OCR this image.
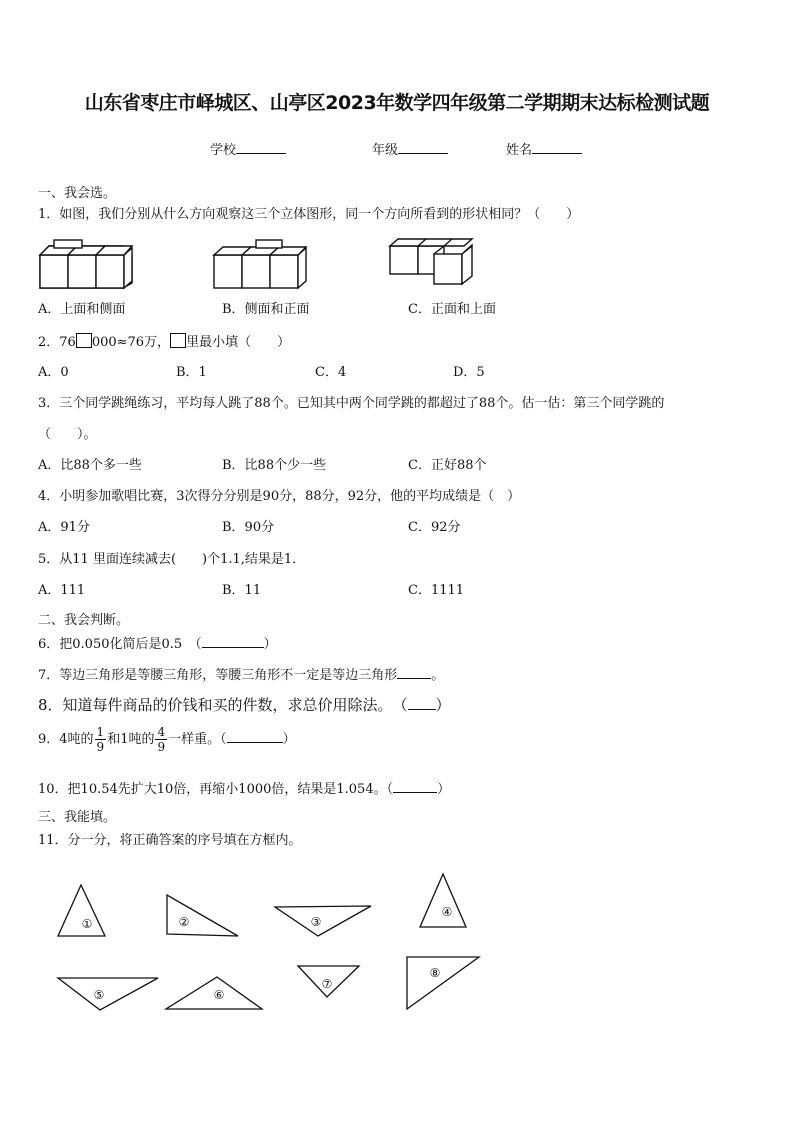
山东省枣庄市峄城区、山亭区2023年数学四年级第二学期期末达标检测试题
学校	年级	姓名
一、我会选。
1．如图，我们分别从什么方向观察这三个立体图形，同一个方向所看到的形状相同？（　　）
A．上面和侧面	B．侧面和正面	C．正面和上面
2．76 000≈76万， 里最小填（　　）
A．0	B．1	C．4	D．5
3．三个同学跳绳练习，平均每人跳了88个。已知其中两个同学跳的都超过了88个。估一估：第三个同学跳的
（　　）。
A．比88个多一些	B．比88个少一些	C．正好88个
4．小明参加歌唱比赛，3次得分分别是90分，88分，92分，他的平均成绩是（　）
A．91分	B．90分	C．92分
5．从11 里面连续减去(　　)个1.1,结果是1．
A．111	B．11	C．1111
二、我会判断。
6．把0.050化简后是0.5　（	）
7．等边三角形是等腰三角形，等腰三角形不一定是等边三角形	。
8．知道每件商品的价钱和买的件数，求总价用除法。　（ ）
9．4吨的 $\frac{1}{9}$ 和1吨的 $\frac{4}{9}$ 一样重。（	）
10．把10.54先扩大10倍，再缩小1000倍，结果是1.054。（	）
三、我能填。
11．分一分，将正确答案的序号填在方框内。
①	②	③
④
⑤	⑥
⑦
⑧
